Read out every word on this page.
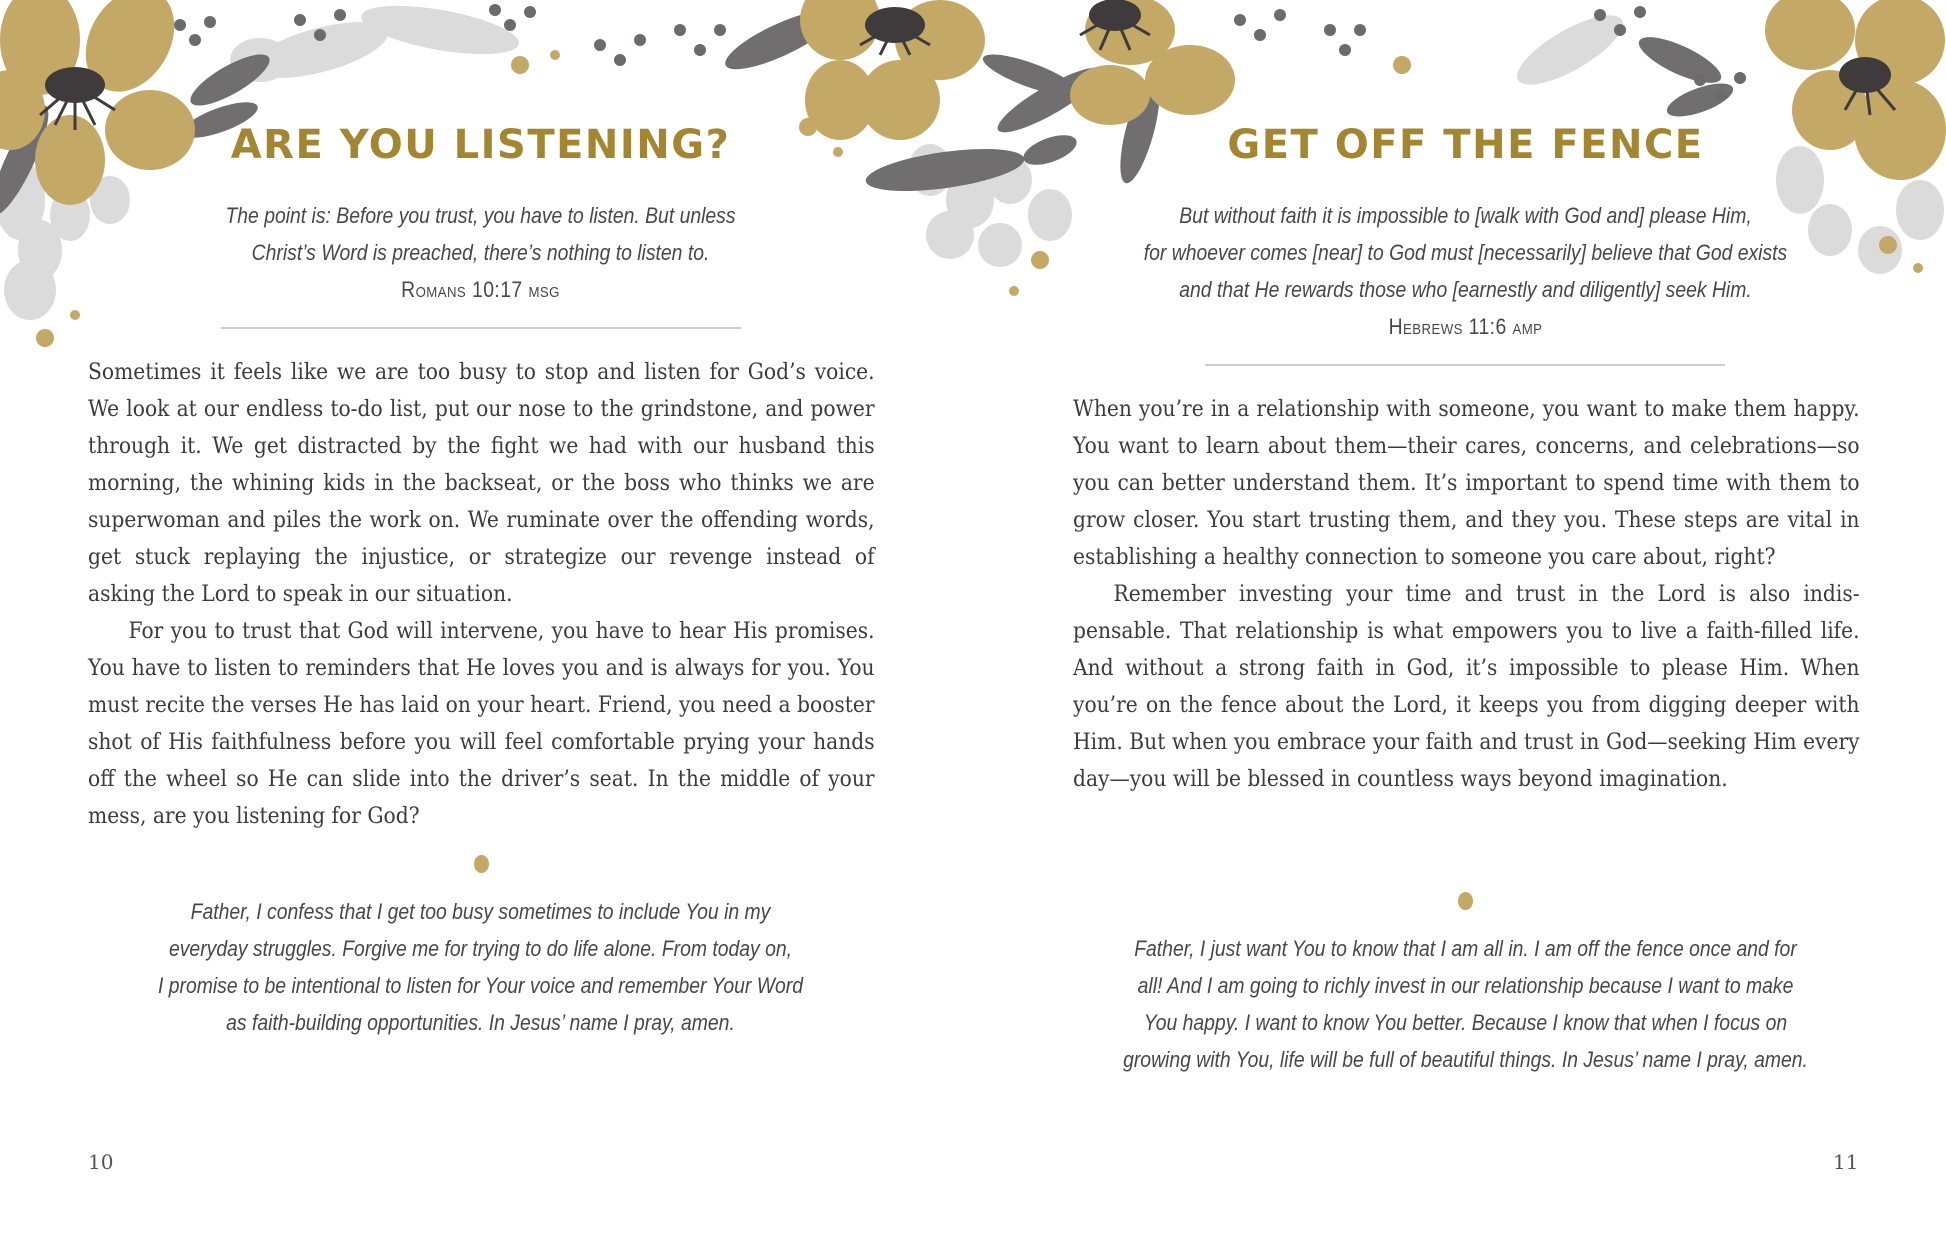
ARE YOU LISTENING?
The point is: Before you trust, you have to listen. But unless
Christ’s Word is preached, there’s nothing to listen to.
Romans 10:17 msg

Sometimes it feels like we are too busy to stop and listen for God’s voice. We look at our endless to-do list, put our nose to the grindstone, and power through it. We get distracted by the fight we had with our husband this morning, the whining kids in the backseat, or the boss who thinks we are superwoman and piles the work on. We ruminate over the offending words, get stuck replaying the injustice, or strategize our revenge instead of asking the Lord to speak in our situation.

For you to trust that God will intervene, you have to hear His promises. You have to listen to reminders that He loves you and is always for you. You must recite the verses He has laid on your heart. Friend, you need a booster shot of His faithfulness before you will feel comfortable prying your hands off the wheel so He can slide into the driver’s seat. In the middle of your mess, are you listening for God?

Father, I confess that I get too busy sometimes to include You in my
everyday struggles. Forgive me for trying to do life alone. From today on,
I promise to be intentional to listen for Your voice and remember Your Word
as faith-building opportunities. In Jesus’ name I pray, amen.
10
GET OFF THE FENCE
But without faith it is impossible to [walk with God and] please Him,
for whoever comes [near] to God must [necessarily] believe that God exists
and that He rewards those who [earnestly and diligently] seek Him.
Hebrews 11:6 amp

When you’re in a relationship with someone, you want to make them happy. You want to learn about them—their cares, concerns, and celebrations—so you can better understand them. It’s important to spend time with them to grow closer. You start trusting them, and they you. These steps are vital in establishing a healthy connection to someone you care about, right?

Remember investing your time and trust in the Lord is also indispensable. That relationship is what empowers you to live a faith-filled life. And without a strong faith in God, it’s impossible to please Him. When you’re on the fence about the Lord, it keeps you from digging deeper with Him. But when you embrace your faith and trust in God—seeking Him every day—you will be blessed in countless ways beyond imagination.

Father, I just want You to know that I am all in. I am off the fence once and for
all! And I am going to richly invest in our relationship because I want to make
You happy. I want to know You better. Because I know that when I focus on
growing with You, life will be full of beautiful things. In Jesus’ name I pray, amen.
11
